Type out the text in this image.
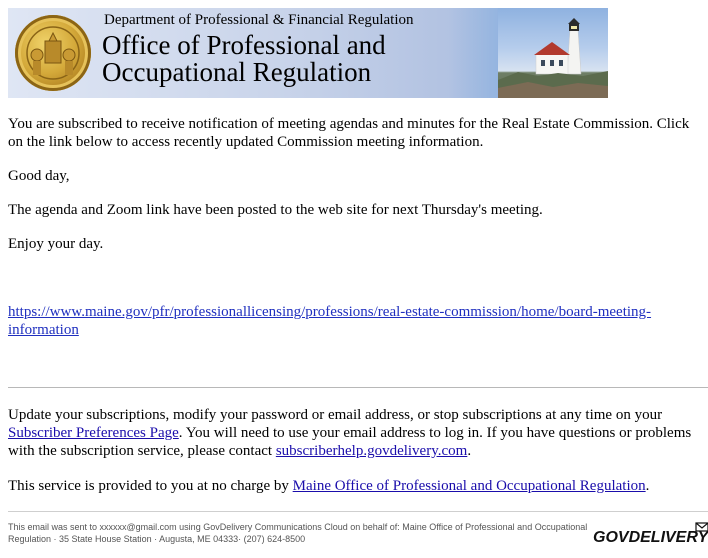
Department of Professional & Financial Regulation
Office of Professional and
Occupational Regulation

You are subscribed to receive notification of meeting agendas and minutes for the Real Estate Commission. Click on the link below to access recently updated Commission meeting information.

Good day,

The agenda and Zoom link have been posted to the web site for next Thursday's meeting.

Enjoy your day.

https://www.maine.gov/pfr/professionallicensing/professions/real-estate-commission/home/board-meeting-information

Update your subscriptions, modify your password or email address, or stop subscriptions at any time on your Subscriber Preferences Page. You will need to use your email address to log in. If you have questions or problems with the subscription service, please contact subscriberhelp.govdelivery.com.

This service is provided to you at no charge by Maine Office of Professional and Occupational Regulation.

This email was sent to xxxxxx@gmail.com using GovDelivery Communications Cloud on behalf of: Maine Office of Professional and Occupational Regulation · 35 State House Station · Augusta, ME 04333· (207) 624-8500	GOVDELIVERY
